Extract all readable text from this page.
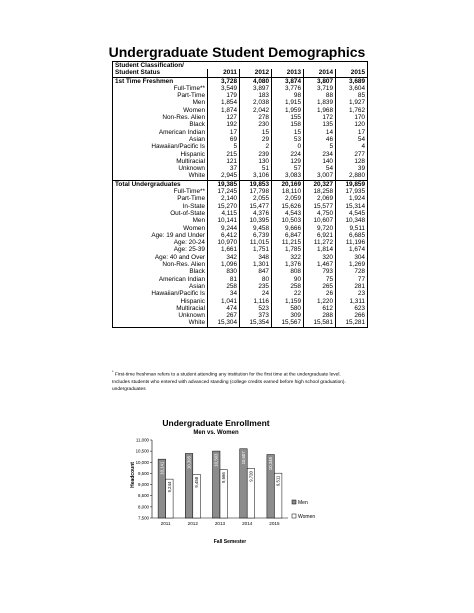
Undergraduate Student Demographics
Student Classification/					
Student Status	2011	2012	2013	2014	2015
1st Time Freshmen	3,728	4,080	3,874	3,807	3,689
Full-Time**	3,549	3,897	3,776	3,719	3,604
Part-Time	179	183	98	88	85
Men	1,854	2,038	1,915	1,839	1,927
Women	1,874	2,042	1,959	1,968	1,762
Non-Res. Alien	127	278	155	172	170
Black	192	230	158	135	120
American Indian	17	15	15	14	17
Asian	69	29	53	46	54
Hawaiian/Pacific Is	5	2	0	5	4
Hispanic	215	239	224	234	277
Multiracial	121	130	129	140	128
Unknown	37	51	57	54	39
White	2,945	3,106	3,083	3,007	2,880
Total Undergraduates	19,385	19,853	20,169	20,327	19,859
Full-Time**	17,245	17,798	18,110	18,258	17,935
Part-Time	2,140	2,055	2,059	2,069	1,924
In-State	15,270	15,477	15,626	15,577	15,314
Out-of-State	4,115	4,376	4,543	4,750	4,545
Men	10,141	10,395	10,503	10,607	10,348
Women	9,244	9,458	9,666	9,720	9,511
Age: 19 and Under	6,412	6,739	6,847	6,921	6,685
Age: 20-24	10,970	11,015	11,215	11,272	11,196
Age: 25-39	1,661	1,751	1,785	1,814	1,674
Age: 40 and Over	342	348	322	320	304
Non-Res. Alien	1,096	1,301	1,376	1,467	1,269
Black	830	847	808	793	728
American Indian	81	80	90	75	77
Asian	258	235	258	265	281
Hawaiian/Pacific Is	34	24	22	26	23
Hispanic	1,041	1,116	1,159	1,220	1,311
Multiracial	474	523	580	612	623
Unknown	267	373	309	288	266
White	15,304	15,354	15,567	15,581	15,281
* First-time freshman refers to a student attending any institution for the first time at the undergraduate level.
Includes students who entered with advanced standing (college credits earned before high school graduation).
undergraduates
Undergraduate Enrollment
Men vs. Women
Headcount
Fall Semester
7,500
8,000
8,500
9,000
9,500
10,000
10,500
11,000
2011
10,141
9,244
2012
10,395
9,458
2013
10,503
9,666
2014
10,607
9,720
2015
10,348
9,511
Men
Women
